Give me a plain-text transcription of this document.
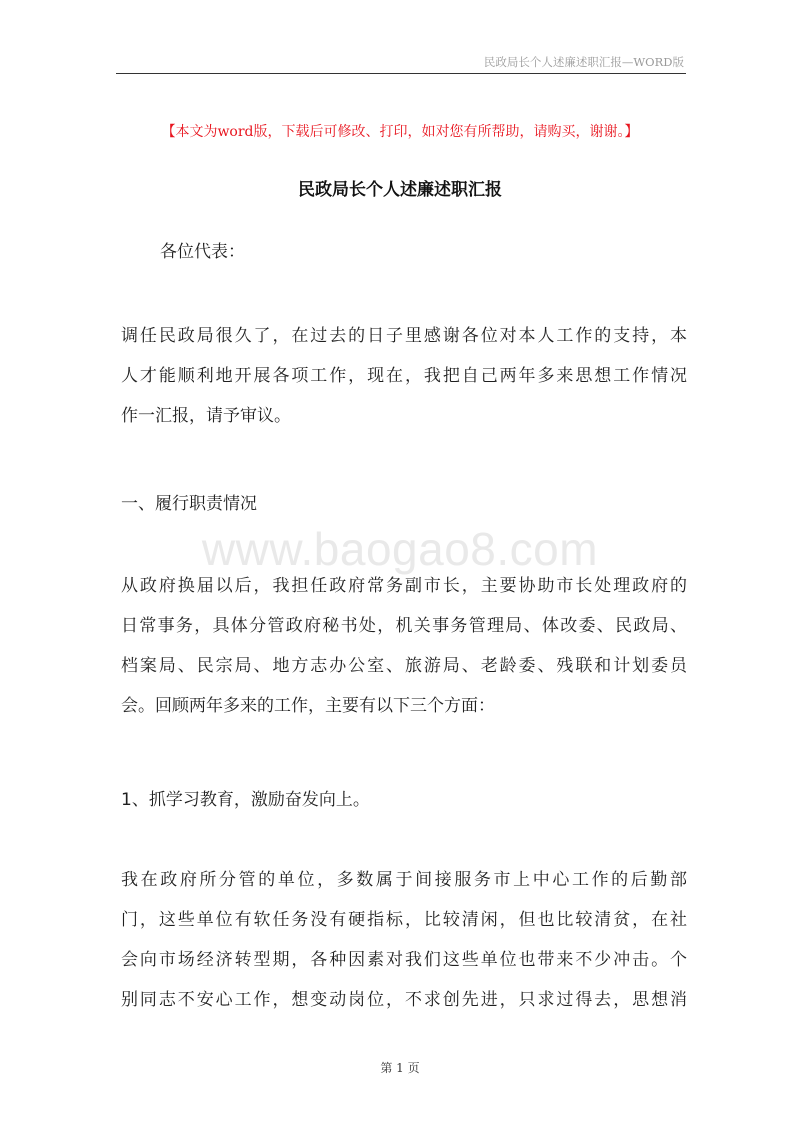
民政局长个人述廉述职汇报—WORD版
【本文为word版，下载后可修改、打印，如对您有所帮助，请购买，谢谢。】
民政局长个人述廉述职汇报
www.baogao8.com
各位代表：
调任民政局很久了，在过去的日子里感谢各位对本人工作的支持，本
人才能顺利地开展各项工作，现在，我把自己两年多来思想工作情况
作一汇报，请予审议。
一、履行职责情况
从政府换届以后，我担任政府常务副市长，主要协助市长处理政府的
日常事务，具体分管政府秘书处，机关事务管理局、体改委、民政局、
档案局、民宗局、地方志办公室、旅游局、老龄委、残联和计划委员
会。回顾两年多来的工作，主要有以下三个方面：
1、抓学习教育，激励奋发向上。
我在政府所分管的单位，多数属于间接服务市上中心工作的后勤部
门，这些单位有软任务没有硬指标，比较清闲，但也比较清贫，在社
会向市场经济转型期，各种因素对我们这些单位也带来不少冲击。个
别同志不安心工作，想变动岗位，不求创先进，只求过得去，思想消
第 1 页
